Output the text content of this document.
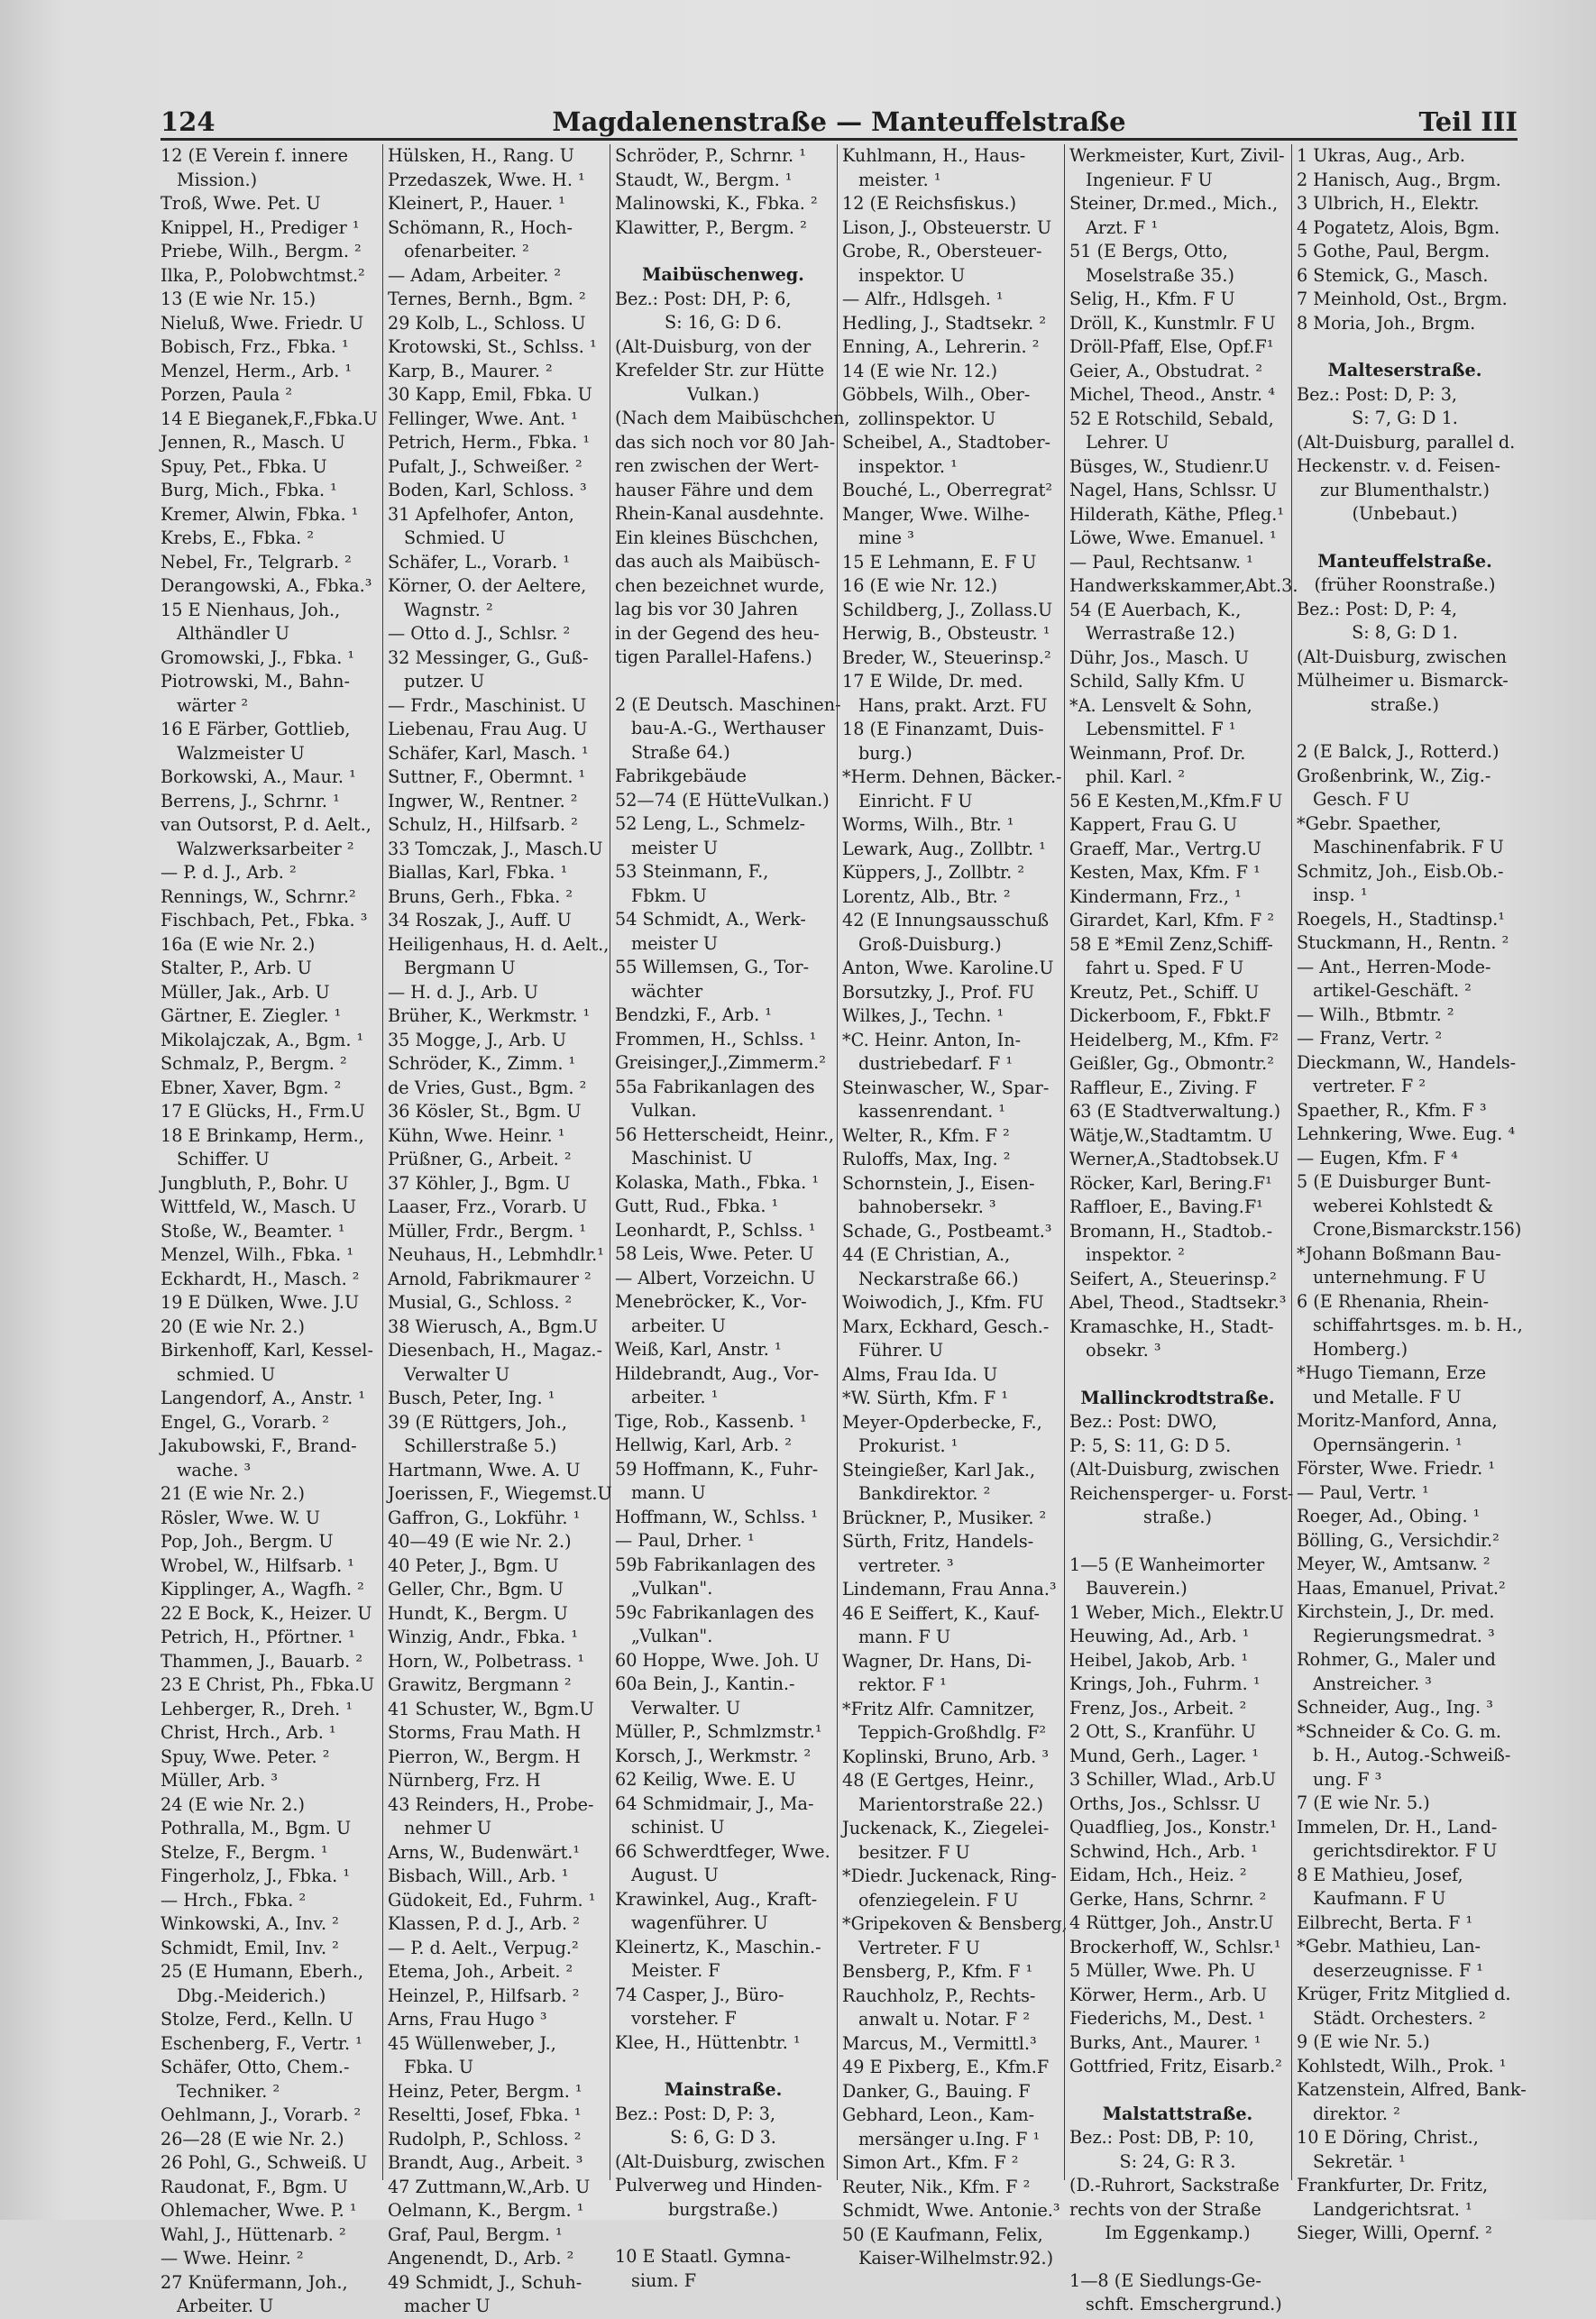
124	Magdalenenstraße — Manteuffelstraße	Teil III
12 (E Verein f. innere
Mission.)
Troß, Wwe. Pet. U
Knippel, H., Prediger ¹
Priebe, Wilh., Bergm. ²
Ilka, P., Polobwchtmst.²
13 (E wie Nr. 15.)
Nieluß, Wwe. Friedr. U
Bobisch, Frz., Fbka. ¹
Menzel, Herm., Arb. ¹
Porzen, Paula ²
14 E Bieganek,F.,Fbka.U
Jennen, R., Masch. U
Spuy, Pet., Fbka. U
Burg, Mich., Fbka. ¹
Kremer, Alwin, Fbka. ¹
Krebs, E., Fbka. ²
Nebel, Fr., Telgrarb. ²
Derangowski, A., Fbka.³
15 E Nienhaus, Joh.,
Althändler U
Gromowski, J., Fbka. ¹
Piotrowski, M., Bahn-
wärter ²
16 E Färber, Gottlieb,
Walzmeister U
Borkowski, A., Maur. ¹
Berrens, J., Schrnr. ¹
van Outsorst, P. d. Aelt.,
Walzwerksarbeiter ²
— P. d. J., Arb. ²
Rennings, W., Schrnr.²
Fischbach, Pet., Fbka. ³
16a (E wie Nr. 2.)
Stalter, P., Arb. U
Müller, Jak., Arb. U
Gärtner, E. Ziegler. ¹
Mikolajczak, A., Bgm. ¹
Schmalz, P., Bergm. ²
Ebner, Xaver, Bgm. ²
17 E Glücks, H., Frm.U
18 E Brinkamp, Herm.,
Schiffer. U
Jungbluth, P., Bohr. U
Wittfeld, W., Masch. U
Stoße, W., Beamter. ¹
Menzel, Wilh., Fbka. ¹
Eckhardt, H., Masch. ²
19 E Dülken, Wwe. J.U
20 (E wie Nr. 2.)
Birkenhoff, Karl, Kessel-
schmied. U
Langendorf, A., Anstr. ¹
Engel, G., Vorarb. ²
Jakubowski, F., Brand-
wache. ³
21 (E wie Nr. 2.)
Rösler, Wwe. W. U
Pop, Joh., Bergm. U
Wrobel, W., Hilfsarb. ¹
Kipplinger, A., Wagfh. ²
22 E Bock, K., Heizer. U
Petrich, H., Pförtner. ¹
Thammen, J., Bauarb. ²
23 E Christ, Ph., Fbka.U
Lehberger, R., Dreh. ¹
Christ, Hrch., Arb. ¹
Spuy, Wwe. Peter. ²
Müller, Arb. ³
24 (E wie Nr. 2.)
Pothralla, M., Bgm. U
Stelze, F., Bergm. ¹
Fingerholz, J., Fbka. ¹
— Hrch., Fbka. ²
Winkowski, A., Inv. ²
Schmidt, Emil, Inv. ²
25 (E Humann, Eberh.,
Dbg.-Meiderich.)
Stolze, Ferd., Kelln. U
Eschenberg, F., Vertr. ¹
Schäfer, Otto, Chem.-
Techniker. ²
Oehlmann, J., Vorarb. ²
26—28 (E wie Nr. 2.)
26 Pohl, G., Schweiß. U
Raudonat, F., Bgm. U
Ohlemacher, Wwe. P. ¹
Wahl, J., Hüttenarb. ²
— Wwe. Heinr. ²
27 Knüfermann, Joh.,
Arbeiter. U
Hülsken, H., Rang. U
Przedaszek, Wwe. H. ¹
Kleinert, P., Hauer. ¹
Schömann, R., Hoch-
ofenarbeiter. ²
— Adam, Arbeiter. ²
Ternes, Bernh., Bgm. ²
29 Kolb, L., Schloss. U
Krotowski, St., Schlss. ¹
Karp, B., Maurer. ²
30 Kapp, Emil, Fbka. U
Fellinger, Wwe. Ant. ¹
Petrich, Herm., Fbka. ¹
Pufalt, J., Schweißer. ²
Boden, Karl, Schloss. ³
31 Apfelhofer, Anton,
Schmied. U
Schäfer, L., Vorarb. ¹
Körner, O. der Aeltere,
Wagnstr. ²
— Otto d. J., Schlsr. ²
32 Messinger, G., Guß-
putzer. U
— Frdr., Maschinist. U
Liebenau, Frau Aug. U
Schäfer, Karl, Masch. ¹
Suttner, F., Obermnt. ¹
Ingwer, W., Rentner. ²
Schulz, H., Hilfsarb. ²
33 Tomczak, J., Masch.U
Biallas, Karl, Fbka. ¹
Bruns, Gerh., Fbka. ²
34 Roszak, J., Auff. U
Heiligenhaus, H. d. Aelt.,
Bergmann U
— H. d. J., Arb. U
Brüher, K., Werkmstr. ¹
35 Mogge, J., Arb. U
Schröder, K., Zimm. ¹
de Vries, Gust., Bgm. ²
36 Kösler, St., Bgm. U
Kühn, Wwe. Heinr. ¹
Prüßner, G., Arbeit. ²
37 Köhler, J., Bgm. U
Laaser, Frz., Vorarb. U
Müller, Frdr., Bergm. ¹
Neuhaus, H., Lebmhdlr.¹
Arnold, Fabrikmaurer ²
Musial, G., Schloss. ²
38 Wierusch, A., Bgm.U
Diesenbach, H., Magaz.-
Verwalter U
Busch, Peter, Ing. ¹
39 (E Rüttgers, Joh.,
Schillerstraße 5.)
Hartmann, Wwe. A. U
Joerissen, F., Wiegemst.U
Gaffron, G., Lokführ. ¹
40—49 (E wie Nr. 2.)
40 Peter, J., Bgm. U
Geller, Chr., Bgm. U
Hundt, K., Bergm. U
Winzig, Andr., Fbka. ¹
Horn, W., Polbetrass. ¹
Grawitz, Bergmann ²
41 Schuster, W., Bgm.U
Storms, Frau Math. H
Pierron, W., Bergm. H
Nürnberg, Frz. H
43 Reinders, H., Probe-
nehmer U
Arns, W., Budenwärt.¹
Bisbach, Will., Arb. ¹
Güdokeit, Ed., Fuhrm. ¹
Klassen, P. d. J., Arb. ²
— P. d. Aelt., Verpug.²
Etema, Joh., Arbeit. ²
Heinzel, P., Hilfsarb. ²
Arns, Frau Hugo ³
45 Wüllenweber, J.,
Fbka. U
Heinz, Peter, Bergm. ¹
Reseltti, Josef, Fbka. ¹
Rudolph, P., Schloss. ²
Brandt, Aug., Arbeit. ³
47 Zuttmann,W.,Arb. U
Oelmann, K., Bergm. ¹
Graf, Paul, Bergm. ¹
Angenendt, D., Arb. ²
49 Schmidt, J., Schuh-
macher U
Schröder, P., Schrnr. ¹
Staudt, W., Bergm. ¹
Malinowski, K., Fbka. ²
Klawitter, P., Bergm. ²
Maibüschenweg.
Bez.: Post: DH, P: 6,
S: 16, G: D 6.
(Alt-Duisburg, von der
Krefelder Str. zur Hütte
Vulkan.)
(Nach dem Maibüschchen,
das sich noch vor 80 Jah-
ren zwischen der Wert-
hauser Fähre und dem
Rhein-Kanal ausdehnte.
Ein kleines Büschchen,
das auch als Maibüsch-
chen bezeichnet wurde,
lag bis vor 30 Jahren
in der Gegend des heu-
tigen Parallel-Hafens.)
2 (E Deutsch. Maschinen-
bau-A.-G., Werthauser
Straße 64.)
Fabrikgebäude
52—74 (E HütteVulkan.)
52 Leng, L., Schmelz-
meister U
53 Steinmann, F.,
Fbkm. U
54 Schmidt, A., Werk-
meister U
55 Willemsen, G., Tor-
wächter
Bendzki, F., Arb. ¹
Frommen, H., Schlss. ¹
Greisinger,J.,Zimmerm.²
55a Fabrikanlagen des
Vulkan.
56 Hetterscheidt, Heinr.,
Maschinist. U
Kolaska, Math., Fbka. ¹
Gutt, Rud., Fbka. ¹
Leonhardt, P., Schlss. ¹
58 Leis, Wwe. Peter. U
— Albert, Vorzeichn. U
Menebröcker, K., Vor-
arbeiter. U
Weiß, Karl, Anstr. ¹
Hildebrandt, Aug., Vor-
arbeiter. ¹
Tige, Rob., Kassenb. ¹
Hellwig, Karl, Arb. ²
59 Hoffmann, K., Fuhr-
mann. U
Hoffmann, W., Schlss. ¹
— Paul, Drher. ¹
59b Fabrikanlagen des
„Vulkan".
59c Fabrikanlagen des
„Vulkan".
60 Hoppe, Wwe. Joh. U
60a Bein, J., Kantin.-
Verwalter. U
Müller, P., Schmlzmstr.¹
Korsch, J., Werkmstr. ²
62 Keilig, Wwe. E. U
64 Schmidmair, J., Ma-
schinist. U
66 Schwerdtfeger, Wwe.
August. U
Krawinkel, Aug., Kraft-
wagenführer. U
Kleinertz, K., Maschin.-
Meister. F
74 Casper, J., Büro-
vorsteher. F
Klee, H., Hüttenbtr. ¹
Mainstraße.
Bez.: Post: D, P: 3,
S: 6, G: D 3.
(Alt-Duisburg, zwischen
Pulverweg und Hinden-
burgstraße.)
10 E Staatl. Gymna-
sium. F
Kuhlmann, H., Haus-
meister. ¹
12 (E Reichsfiskus.)
Lison, J., Obsteuerstr. U
Grobe, R., Obersteuer-
inspektor. U
— Alfr., Hdlsgeh. ¹
Hedling, J., Stadtsekr. ²
Enning, A., Lehrerin. ²
14 (E wie Nr. 12.)
Göbbels, Wilh., Ober-
zollinspektor. U
Scheibel, A., Stadtober-
inspektor. ¹
Bouché, L., Oberregrat²
Manger, Wwe. Wilhe-
mine ³
15 E Lehmann, E. F U
16 (E wie Nr. 12.)
Schildberg, J., Zollass.U
Herwig, B., Obsteustr. ¹
Breder, W., Steuerinsp.²
17 E Wilde, Dr. med.
Hans, prakt. Arzt. FU
18 (E Finanzamt, Duis-
burg.)
*Herm. Dehnen, Bäcker.-
Einricht. F U
Worms, Wilh., Btr. ¹
Lewark, Aug., Zollbtr. ¹
Küppers, J., Zollbtr. ²
Lorentz, Alb., Btr. ²
42 (E Innungsausschuß
Groß-Duisburg.)
Anton, Wwe. Karoline.U
Borsutzky, J., Prof. FU
Wilkes, J., Techn. ¹
*C. Heinr. Anton, In-
dustriebedarf. F ¹
Steinwascher, W., Spar-
kassenrendant. ¹
Welter, R., Kfm. F ²
Ruloffs, Max, Ing. ²
Schornstein, J., Eisen-
bahnobersekr. ³
Schade, G., Postbeamt.³
44 (E Christian, A.,
Neckarstraße 66.)
Woiwodich, J., Kfm. FU
Marx, Eckhard, Gesch.-
Führer. U
Alms, Frau Ida. U
*W. Sürth, Kfm. F ¹
Meyer-Opderbecke, F.,
Prokurist. ¹
Steingießer, Karl Jak.,
Bankdirektor. ²
Brückner, P., Musiker. ²
Sürth, Fritz, Handels-
vertreter. ³
Lindemann, Frau Anna.³
46 E Seiffert, K., Kauf-
mann. F U
Wagner, Dr. Hans, Di-
rektor. F ¹
*Fritz Alfr. Camnitzer,
Teppich-Großhdlg. F²
Koplinski, Bruno, Arb. ³
48 (E Gertges, Heinr.,
Marientorstraße 22.)
Juckenack, K., Ziegelei-
besitzer. F U
*Diedr. Juckenack, Ring-
ofenziegelein. F U
*Gripekoven & Bensberg,
Vertreter. F U
Bensberg, P., Kfm. F ¹
Rauchholz, P., Rechts-
anwalt u. Notar. F ²
Marcus, M., Vermittl.³
49 E Pixberg, E., Kfm.F
Danker, G., Bauing. F
Gebhard, Leon., Kam-
mersänger u.Ing. F ¹
Simon Art., Kfm. F ²
Reuter, Nik., Kfm. F ²
Schmidt, Wwe. Antonie.³
50 (E Kaufmann, Felix,
Kaiser-Wilhelmstr.92.)
Werkmeister, Kurt, Zivil-
Ingenieur. F U
Steiner, Dr.med., Mich.,
Arzt. F ¹
51 (E Bergs, Otto,
Moselstraße 35.)
Selig, H., Kfm. F U
Dröll, K., Kunstmlr. F U
Dröll-Pfaff, Else, Opf.F¹
Geier, A., Obstudrat. ²
Michel, Theod., Anstr. ⁴
52 E Rotschild, Sebald,
Lehrer. U
Büsges, W., Studienr.U
Nagel, Hans, Schlssr. U
Hilderath, Käthe, Pfleg.¹
Löwe, Wwe. Emanuel. ¹
— Paul, Rechtsanw. ¹
Handwerkskammer,Abt.3.
54 (E Auerbach, K.,
Werrastraße 12.)
Dühr, Jos., Masch. U
Schild, Sally Kfm. U
*A. Lensvelt & Sohn,
Lebensmittel. F ¹
Weinmann, Prof. Dr.
phil. Karl. ²
56 E Kesten,M.,Kfm.F U
Kappert, Frau G. U
Graeff, Mar., Vertrg.U
Kesten, Max, Kfm. F ¹
Kindermann, Frz., ¹
Girardet, Karl, Kfm. F ²
58 E *Emil Zenz,Schiff-
fahrt u. Sped. F U
Kreutz, Pet., Schiff. U
Dickerboom, F., Fbkt.F
Heidelberg, M., Kfm. F²
Geißler, Gg., Obmontr.²
Raffleur, E., Ziving. F
63 (E Stadtverwaltung.)
Wätje,W.,Stadtamtm. U
Werner,A.,Stadtobsek.U
Röcker, Karl, Bering.F¹
Raffloer, E., Baving.F¹
Bromann, H., Stadtob.-
inspektor. ²
Seifert, A., Steuerinsp.²
Abel, Theod., Stadtsekr.³
Kramaschke, H., Stadt-
obsekr. ³
Mallinckrodtstraße.
Bez.: Post: DWO,
P: 5, S: 11, G: D 5.
(Alt-Duisburg, zwischen
Reichensperger- u. Forst-
straße.)
1—5 (E Wanheimorter
Bauverein.)
1 Weber, Mich., Elektr.U
Heuwing, Ad., Arb. ¹
Heibel, Jakob, Arb. ¹
Krings, Joh., Fuhrm. ¹
Frenz, Jos., Arbeit. ²
2 Ott, S., Kranführ. U
Mund, Gerh., Lager. ¹
3 Schiller, Wlad., Arb.U
Orths, Jos., Schlssr. U
Quadflieg, Jos., Konstr.¹
Schwind, Hch., Arb. ¹
Eidam, Hch., Heiz. ²
Gerke, Hans, Schrnr. ²
4 Rüttger, Joh., Anstr.U
Brockerhoff, W., Schlsr.¹
5 Müller, Wwe. Ph. U
Körwer, Herm., Arb. U
Fiederichs, M., Dest. ¹
Burks, Ant., Maurer. ¹
Gottfried, Fritz, Eisarb.²
Malstattstraße.
Bez.: Post: DB, P: 10,
S: 24, G: R 3.
(D.-Ruhrort, Sackstraße
rechts von der Straße
Im Eggenkamp.)
1—8 (E Siedlungs-Ge-
schft. Emschergrund.)
1 Ukras, Aug., Arb.
2 Hanisch, Aug., Brgm.
3 Ulbrich, H., Elektr.
4 Pogatetz, Alois, Bgm.
5 Gothe, Paul, Bergm.
6 Stemick, G., Masch.
7 Meinhold, Ost., Brgm.
8 Moria, Joh., Brgm.
Malteserstraße.
Bez.: Post: D, P: 3,
S: 7, G: D 1.
(Alt-Duisburg, parallel d.
Heckenstr. v. d. Feisen-
zur Blumenthalstr.)
(Unbebaut.)
Manteuffelstraße.
(früher Roonstraße.)
Bez.: Post: D, P: 4,
S: 8, G: D 1.
(Alt-Duisburg, zwischen
Mülheimer u. Bismarck-
straße.)
2 (E Balck, J., Rotterd.)
Großenbrink, W., Zig.-
Gesch. F U
*Gebr. Spaether,
Maschinenfabrik. F U
Schmitz, Joh., Eisb.Ob.-
insp. ¹
Roegels, H., Stadtinsp.¹
Stuckmann, H., Rentn. ²
— Ant., Herren-Mode-
artikel-Geschäft. ²
— Wilh., Btbmtr. ²
— Franz, Vertr. ²
Dieckmann, W., Handels-
vertreter. F ²
Spaether, R., Kfm. F ³
Lehnkering, Wwe. Eug. ⁴
— Eugen, Kfm. F ⁴
5 (E Duisburger Bunt-
weberei Kohlstedt &
Crone,Bismarckstr.156)
*Johann Boßmann Bau-
unternehmung. F U
6 (E Rhenania, Rhein-
schiffahrtsges. m. b. H.,
Homberg.)
*Hugo Tiemann, Erze
und Metalle. F U
Moritz-Manford, Anna,
Opernsängerin. ¹
Förster, Wwe. Friedr. ¹
— Paul, Vertr. ¹
Roeger, Ad., Obing. ¹
Bölling, G., Versichdir.²
Meyer, W., Amtsanw. ²
Haas, Emanuel, Privat.²
Kirchstein, J., Dr. med.
Regierungsmedrat. ³
Rohmer, G., Maler und
Anstreicher. ³
Schneider, Aug., Ing. ³
*Schneider & Co. G. m.
b. H., Autog.-Schweiß-
ung. F ³
7 (E wie Nr. 5.)
Immelen, Dr. H., Land-
gerichtsdirektor. F U
8 E Mathieu, Josef,
Kaufmann. F U
Eilbrecht, Berta. F ¹
*Gebr. Mathieu, Lan-
deserzeugnisse. F ¹
Krüger, Fritz Mitglied d.
Städt. Orchesters. ²
9 (E wie Nr. 5.)
Kohlstedt, Wilh., Prok. ¹
Katzenstein, Alfred, Bank-
direktor. ²
10 E Döring, Christ.,
Sekretär. ¹
Frankfurter, Dr. Fritz,
Landgerichtsrat. ¹
Sieger, Willi, Opernf. ²
